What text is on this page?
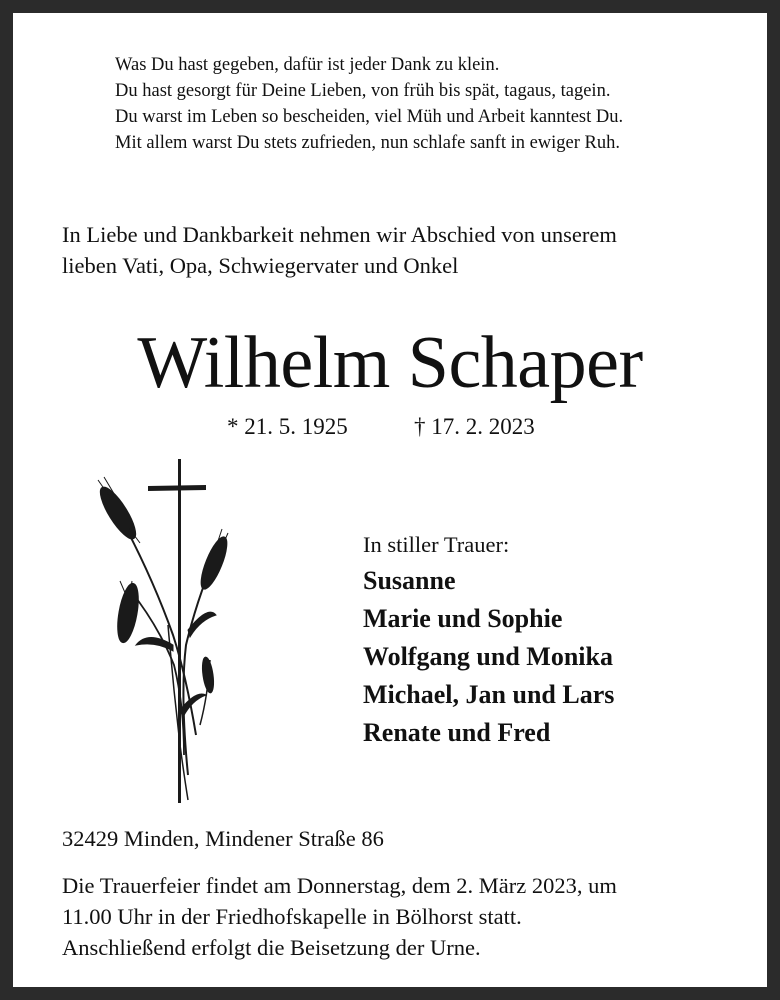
Was Du hast gegeben, dafür ist jeder Dank zu klein.
Du hast gesorgt für Deine Lieben, von früh bis spät, tagaus, tagein.
Du warst im Leben so bescheiden, viel Müh und Arbeit kanntest Du.
Mit allem warst Du stets zufrieden, nun schlafe sanft in ewiger Ruh.
In Liebe und Dankbarkeit nehmen wir Abschied von unserem
lieben Vati, Opa, Schwiegervater und Onkel
Wilhelm Schaper
* 21. 5. 1925	† 17. 2. 2023
In stiller Trauer:
Susanne
Marie und Sophie
Wolfgang und Monika
Michael, Jan und Lars
Renate und Fred
32429 Minden, Mindener Straße 86
Die Trauerfeier findet am Donnerstag, dem 2. März 2023, um
11.00 Uhr in der Friedhofskapelle in Bölhorst statt.
Anschließend erfolgt die Beisetzung der Urne.
